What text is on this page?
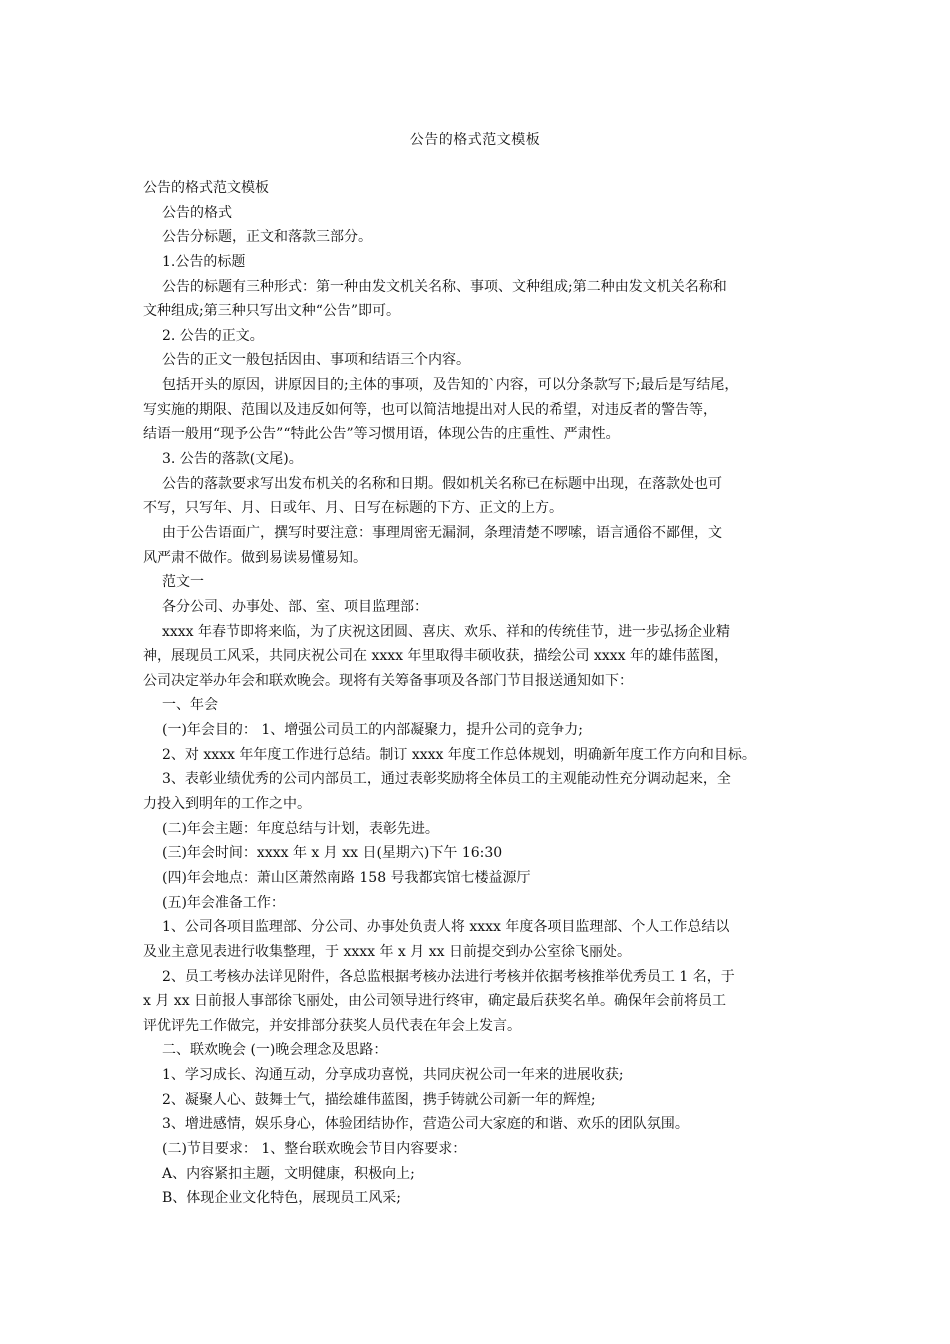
公告的格式范文模板
公告的格式范文模板
公告的格式
公告分标题，正文和落款三部分。
1.公告的标题
公告的标题有三种形式：第一种由发文机关名称、事项、文种组成;第二种由发文机关名称和
文种组成;第三种只写出文种“公告”即可。
2. 公告的正文。
公告的正文一般包括因由、事项和结语三个内容。
包括开头的原因，讲原因目的;主体的事项，及告知的`内容，可以分条款写下;最后是写结尾，
写实施的期限、范围以及违反如何等，也可以简洁地提出对人民的希望，对违反者的警告等，
结语一般用“现予公告”“特此公告”等习惯用语，体现公告的庄重性、严肃性。
3. 公告的落款(文尾)。
公告的落款要求写出发布机关的名称和日期。假如机关名称已在标题中出现，在落款处也可
不写，只写年、月、日或年、月、日写在标题的下方、正文的上方。
由于公告语面广，撰写时要注意：事理周密无漏洞，条理清楚不啰嗦，语言通俗不鄙俚，文
风严肃不做作。做到易读易懂易知。
范文一
各分公司、办事处、部、室、项目监理部：
xxxx 年春节即将来临，为了庆祝这团圆、喜庆、欢乐、祥和的传统佳节，进一步弘扬企业精
神，展现员工风采，共同庆祝公司在 xxxx 年里取得丰硕收获，描绘公司 xxxx 年的雄伟蓝图，
公司决定举办年会和联欢晚会。现将有关筹备事项及各部门节目报送通知如下：
一、年会
(一)年会目的： 1、增强公司员工的内部凝聚力，提升公司的竞争力;
2、对 xxxx 年年度工作进行总结。制订 xxxx 年度工作总体规划，明确新年度工作方向和目标。
3、表彰业绩优秀的公司内部员工，通过表彰奖励将全体员工的主观能动性充分调动起来，全
力投入到明年的工作之中。
(二)年会主题：年度总结与计划，表彰先进。
(三)年会时间：xxxx 年 x 月 xx 日(星期六)下午 16:30
(四)年会地点：萧山区萧然南路 158 号我都宾馆七楼益源厅
(五)年会准备工作：
1、公司各项目监理部、分公司、办事处负责人将 xxxx 年度各项目监理部、个人工作总结以
及业主意见表进行收集整理，于 xxxx 年 x 月 xx 日前提交到办公室徐飞丽处。
2、员工考核办法详见附件，各总监根据考核办法进行考核并依据考核推举优秀员工 1 名，于
x 月 xx 日前报人事部徐飞丽处，由公司领导进行终审，确定最后获奖名单。确保年会前将员工
评优评先工作做完，并安排部分获奖人员代表在年会上发言。
二、联欢晚会 (一)晚会理念及思路：
1、学习成长、沟通互动，分享成功喜悦，共同庆祝公司一年来的进展收获;
2、凝聚人心、鼓舞士气，描绘雄伟蓝图，携手铸就公司新一年的辉煌;
3、增进感情，娱乐身心，体验团结协作，营造公司大家庭的和谐、欢乐的团队氛围。
(二)节目要求： 1、整台联欢晚会节目内容要求：
A、内容紧扣主题，文明健康，积极向上;
B、体现企业文化特色，展现员工风采;
